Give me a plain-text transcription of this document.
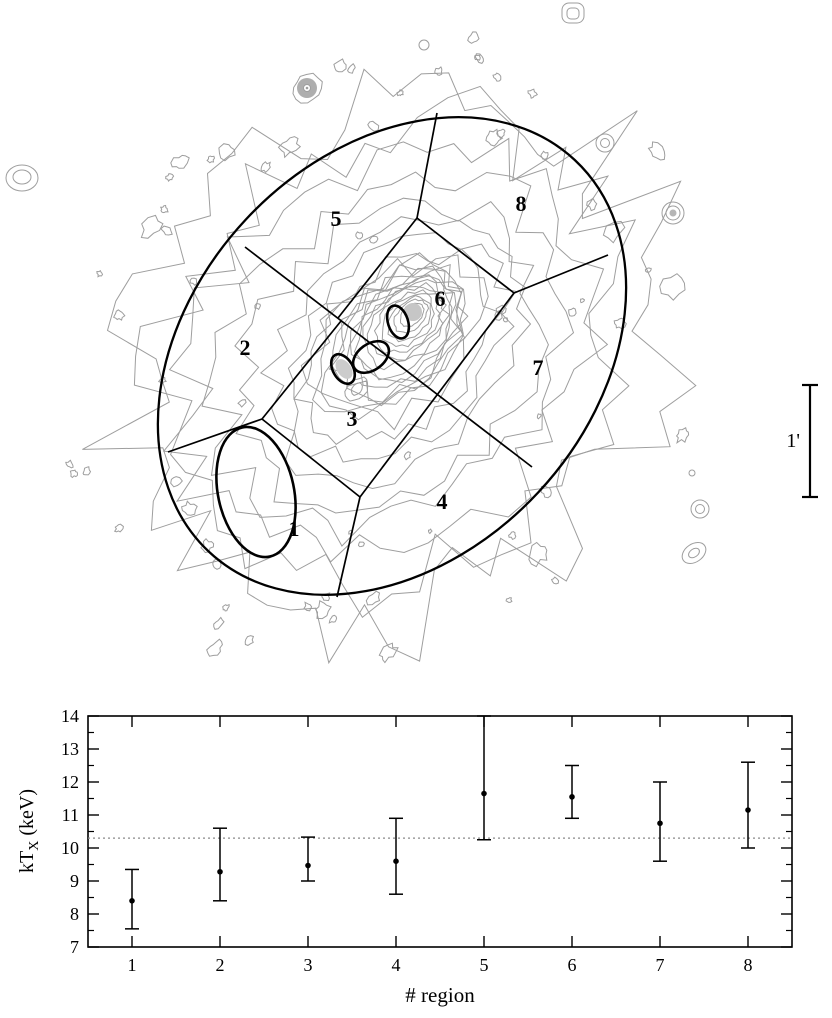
1
2
3
4
5
6
7
8
1'
7
8
9
10
11
12
13
14
1	2	3	4	5	6	7	8
$kT_X$ (keV)
# region
